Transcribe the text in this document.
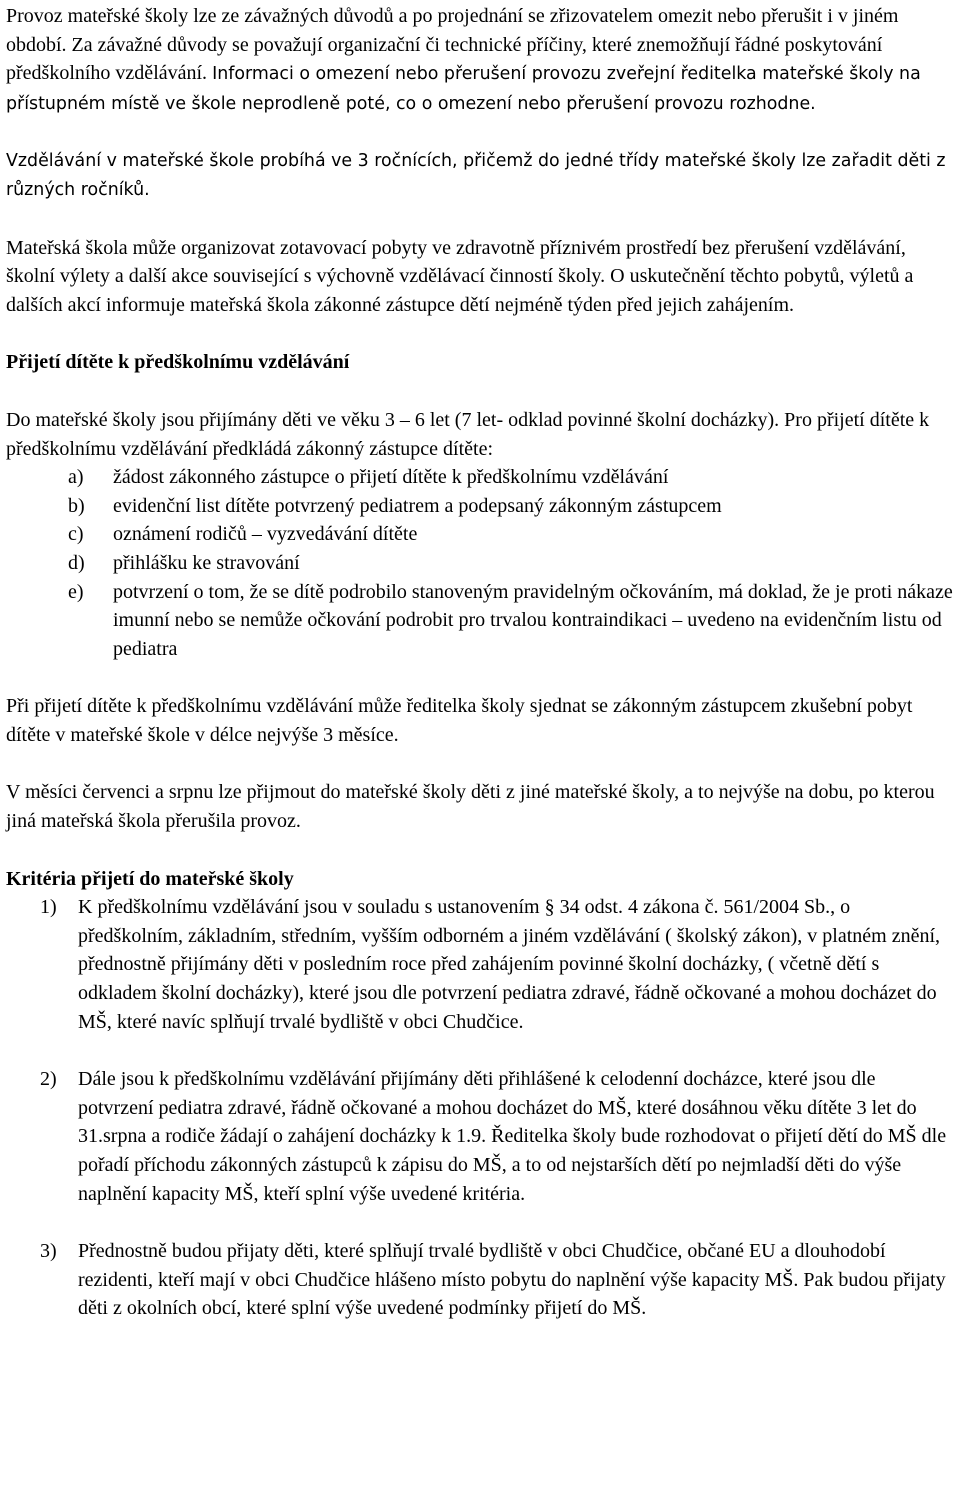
Provoz mateřské školy lze ze závažných důvodů a po projednání se zřizovatelem omezit nebo přerušit i v jiném období. Za závažné důvody se považují organizační či technické příčiny, které znemožňují řádné poskytování předškolního vzdělávání. Informaci o omezení nebo přerušení provozu zveřejní ředitelka mateřské školy na přístupném místě ve škole neprodleně poté, co o omezení nebo přerušení provozu rozhodne.

Vzdělávání v mateřské škole probíhá ve 3 ročnících, přičemž do jedné třídy mateřské školy lze zařadit děti z různých ročníků.

Mateřská škola může organizovat zotavovací pobyty ve zdravotně příznivém prostředí bez přerušení vzdělávání, školní výlety a další akce související s výchovně vzdělávací činností školy. O uskutečnění těchto pobytů, výletů a dalších akcí informuje mateřská škola zákonné zástupce dětí nejméně týden před jejich zahájením.

Přijetí dítěte k předškolnímu vzdělávání

Do mateřské školy jsou přijímány děti ve věku 3 – 6 let (7 let- odklad povinné školní docházky). Pro přijetí dítěte k předškolnímu vzdělávání předkládá zákonný zástupce dítěte:

a) žádost zákonného zástupce o přijetí dítěte k předškolnímu vzdělávání
b) evidenční list dítěte potvrzený pediatrem a podepsaný zákonným zástupcem
c) oznámení rodičů – vyzvedávání dítěte
d) přihlášku ke stravování
e) potvrzení o tom, že se dítě podrobilo stanoveným pravidelným očkováním, má doklad, že je proti nákaze imunní nebo se nemůže očkování podrobit pro trvalou kontraindikaci – uvedeno na evidenčním listu od pediatra

Při přijetí dítěte k předškolnímu vzdělávání může ředitelka školy sjednat se zákonným zástupcem zkušební pobyt dítěte v mateřské škole v délce nejvýše 3 měsíce.

V měsíci červenci a srpnu lze přijmout do mateřské školy děti z jiné mateřské školy, a to nejvýše na dobu, po kterou jiná mateřská škola přerušila provoz.

Kritéria přijetí do mateřské školy
1) K předškolnímu vzdělávání jsou v souladu s ustanovením § 34 odst. 4 zákona č. 561/2004 Sb., o předškolním, základním, středním, vyšším odborném a jiném vzdělávání ( školský zákon), v platném znění, přednostně přijímány děti v posledním roce před zahájením povinné školní docházky, ( včetně dětí s odkladem školní docházky), které jsou dle potvrzení pediatra zdravé, řádně očkované a mohou docházet do MŠ, které navíc splňují trvalé bydliště v obci Chudčice.
2) Dále jsou k předškolnímu vzdělávání přijímány děti přihlášené k celodenní docházce, které jsou dle potvrzení pediatra zdravé, řádně očkované a mohou docházet do MŠ, které dosáhnou věku dítěte 3 let do 31.srpna a rodiče žádají o zahájení docházky k 1.9. Ředitelka školy bude rozhodovat o přijetí dětí do MŠ dle pořadí příchodu zákonných zástupců k zápisu do MŠ, a to od nejstarších dětí po nejmladší děti do výše naplnění kapacity MŠ, kteří splní výše uvedené kritéria.
3) Přednostně budou přijaty děti, které splňují trvalé bydliště v obci Chudčice, občané EU a dlouhodobí rezidenti, kteří mají v obci Chudčice hlášeno místo pobytu do naplnění výše kapacity MŠ. Pak budou přijaty děti z okolních obcí, které splní výše uvedené podmínky přijetí do MŠ.
